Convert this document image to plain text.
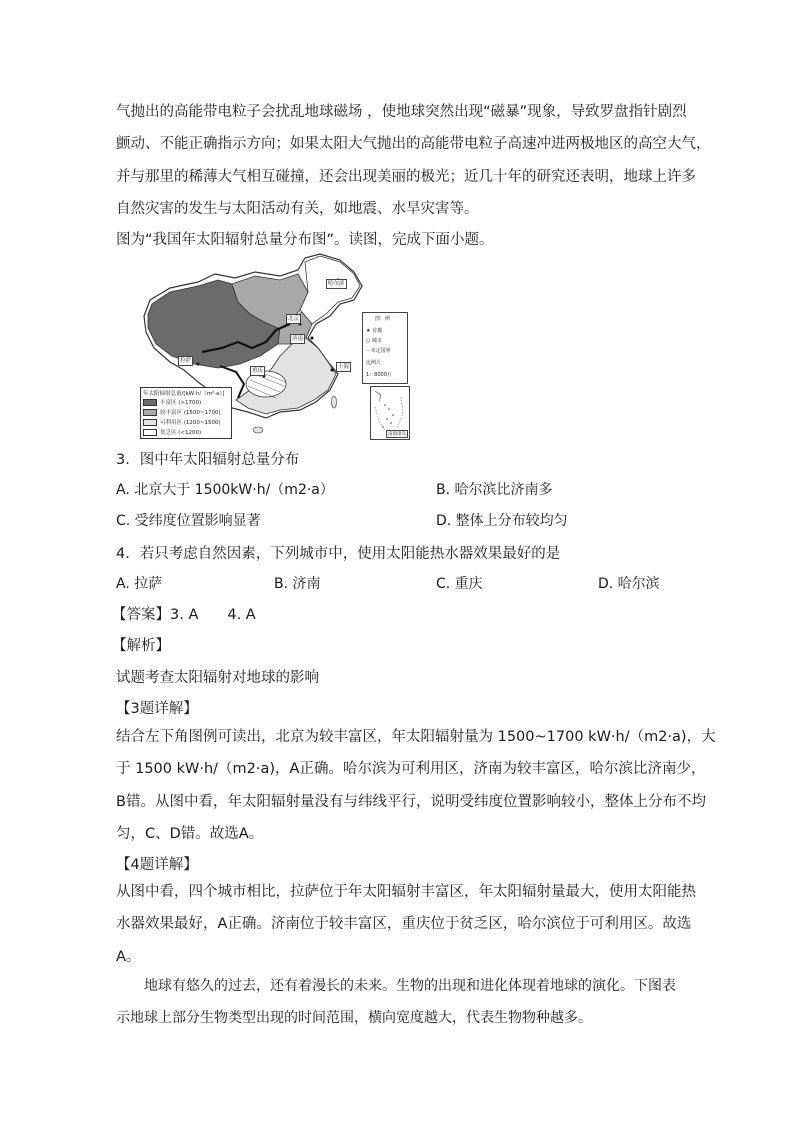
气抛出的高能带电粒子会扰乱地球磁场 ，使地球突然出现“磁暴”现象，导致罗盘指针剧烈
颤动、不能正确指示方向；如果太阳大气抛出的高能带电粒子高速冲进两极地区的高空大气，
并与那里的稀薄大气相互碰撞，还会出现美丽的极光；近几十年的研究还表明，地球上许多
自然灾害的发生与太阳活动有关，如地震、水旱灾害等。
图为“我国年太阳辐射总量分布图”。读图，完成下面小题。
哈尔滨
北京
济南
拉萨
重庆
上海
图　例
★ 首都
○ 城市
┄ 未定国界
比例尺
1：8000万
南海诸岛
年太阳辐射总量/[kW·h/（m²·a）]
丰富区 (>1700)
较丰富区 (1500~1700)
可利用区 (1200~1500)
贫乏区 (<1200)
3．图中年太阳辐射总量分布
A. 北京大于 1500kW·h/（m2·a）	B. 哈尔滨比济南多
C. 受纬度位置影响显著	D. 整体上分布较均匀
4．若只考虑自然因素，下列城市中，使用太阳能热水器效果最好的是
A. 拉萨	B. 济南	C. 重庆	D. 哈尔滨
【答案】3. A　　4. A
【解析】
试题考查太阳辐射对地球的影响
【3题详解】
结合左下角图例可读出，北京为较丰富区，年太阳辐射量为 1500~1700 kW·h/（m2·a)，大
于 1500 kW·h/（m2·a)，A正确。哈尔滨为可利用区，济南为较丰富区，哈尔滨比济南少，
B错。从图中看，年太阳辐射量没有与纬线平行，说明受纬度位置影响较小，整体上分布不均
匀，C、D错。故选A。
【4题详解】
从图中看，四个城市相比，拉萨位于年太阳辐射丰富区，年太阳辐射量最大，使用太阳能热
水器效果最好，A正确。济南位于较丰富区，重庆位于贫乏区，哈尔滨位于可利用区。故选
A。
　　地球有悠久的过去，还有着漫长的未来。生物的出现和进化体现着地球的演化。下图表
示地球上部分生物类型出现的时间范围，横向宽度越大，代表生物物种越多。
